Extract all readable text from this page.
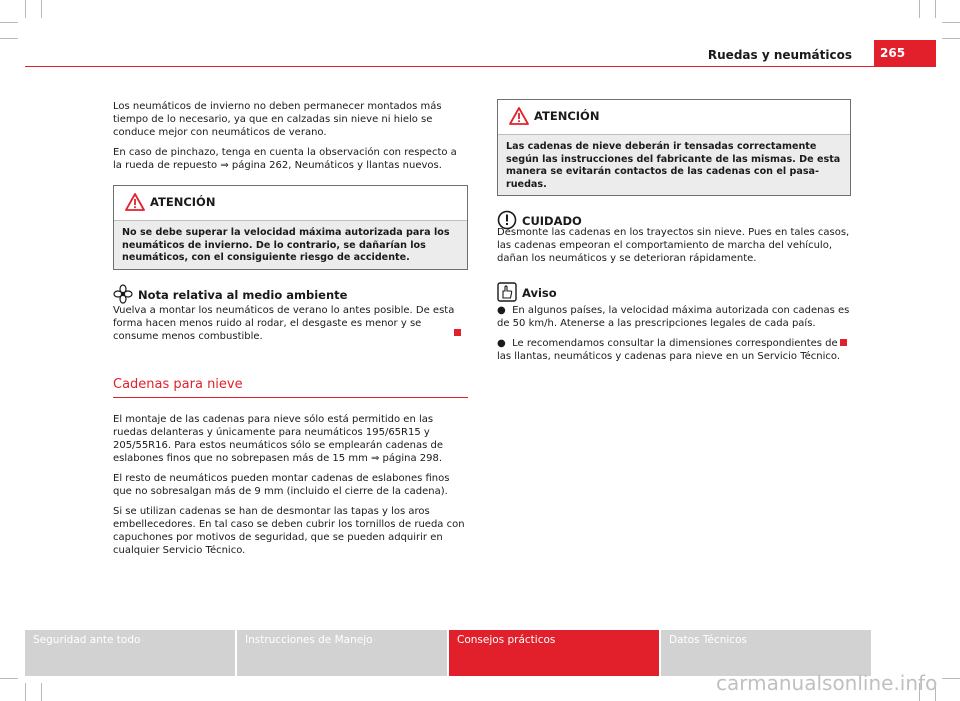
Ruedas y neumáticos	265

Los neumáticos de invierno no deben permanecer montados más tiempo de lo necesario, ya que en calzadas sin nieve ni hielo se conduce mejor con neumáticos de verano.

En caso de pinchazo, tenga en cuenta la observación con respecto a la rueda de repuesto ⇒ página 262, Neumáticos y llantas nuevos.

ATENCIÓN
No se debe superar la velocidad máxima autorizada para los neumáticos de invierno. De lo contrario, se dañarían los neumáticos, con el consiguiente riesgo de accidente.
Nota relativa al medio ambiente

Vuelva a montar los neumáticos de verano lo antes posible. De esta forma hacen menos ruido al rodar, el desgaste es menor y se consume menos combustible.

Cadenas para nieve

El montaje de las cadenas para nieve sólo está permitido en las ruedas delanteras y únicamente para neumáticos 195/65R15 y 205/55R16. Para estos neumáticos sólo se emplearán cadenas de eslabones finos que no sobrepasen más de 15 mm ⇒ página 298.

El resto de neumáticos pueden montar cadenas de eslabones finos que no sobresalgan más de 9 mm (incluido el cierre de la cadena).

Si se utilizan cadenas se han de desmontar las tapas y los aros embellecedores. En tal caso se deben cubrir los tornillos de rueda con capuchones por motivos de seguridad, que se pueden adquirir en cualquier Servicio Técnico.

ATENCIÓN
Las cadenas de nieve deberán ir tensadas correctamente según las instrucciones del fabricante de las mismas. De esta manera se evitarán contactos de las cadenas con el pasa-ruedas.
CUIDADO

Desmonte las cadenas en los trayectos sin nieve. Pues en tales casos, las cadenas empeoran el comportamiento de marcha del vehículo, dañan los neumáticos y se deterioran rápidamente.

Aviso
●  En algunos países, la velocidad máxima autorizada con cadenas es de 50 km/h. Atenerse a las prescripciones legales de cada país.
●  Le recomendamos consultar la dimensiones correspondientes de las llantas, neumáticos y cadenas para nieve en un Servicio Técnico.
Seguridad ante todo	Instrucciones de Manejo	Consejos prácticos	Datos Técnicos
carmanualsonline.info
